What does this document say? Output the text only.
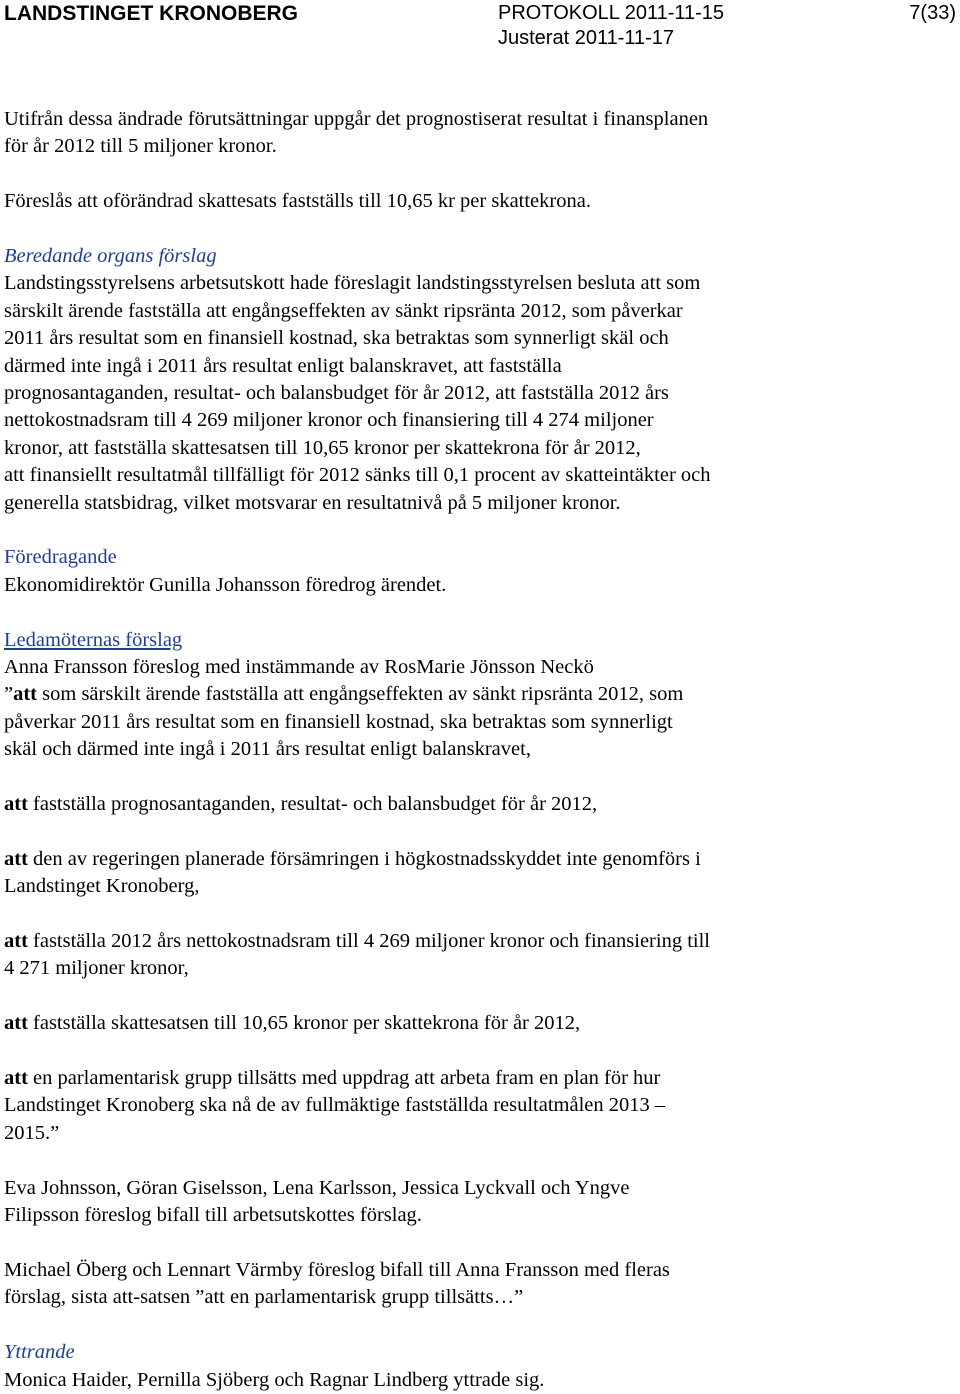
LANDSTINGET KRONOBERG	PROTOKOLL 2011-11-15	7(33)
Justerat 2011-11-17
Utifrån dessa ändrade förutsättningar uppgår det prognostiserat resultat i finansplanen
för år 2012 till 5 miljoner kronor.
Föreslås att oförändrad skattesats fastställs till 10,65 kr per skattekrona.
Beredande organs förslag
Landstingsstyrelsens arbetsutskott hade föreslagit landstingsstyrelsen besluta att som
särskilt ärende fastställa att engångseffekten av sänkt ripsränta 2012, som påverkar
2011 års resultat som en finansiell kostnad, ska betraktas som synnerligt skäl och
därmed inte ingå i 2011 års resultat enligt balanskravet, att fastställa
prognosantaganden, resultat- och balansbudget för år 2012, att fastställa 2012 års
nettokostnadsram till 4 269 miljoner kronor och finansiering till 4 274 miljoner
kronor, att fastställa skattesatsen till 10,65 kronor per skattekrona för år 2012,
att finansiellt resultatmål tillfälligt för 2012 sänks till 0,1 procent av skatteintäkter och
generella statsbidrag, vilket motsvarar en resultatnivå på 5 miljoner kronor.
Föredragande
Ekonomidirektör Gunilla Johansson föredrog ärendet.
Ledamöternas förslag
Anna Fransson föreslog med instämmande av RosMarie Jönsson Neckö
”att som särskilt ärende fastställa att engångseffekten av sänkt ripsränta 2012, som
påverkar 2011 års resultat som en finansiell kostnad, ska betraktas som synnerligt
skäl och därmed inte ingå i 2011 års resultat enligt balanskravet,
att fastställa prognosantaganden, resultat- och balansbudget för år 2012,
att den av regeringen planerade försämringen i högkostnadsskyddet inte genomförs i
Landstinget Kronoberg,
att fastställa 2012 års nettokostnadsram till 4 269 miljoner kronor och finansiering till
4 271 miljoner kronor,
att fastställa skattesatsen till 10,65 kronor per skattekrona för år 2012,
att en parlamentarisk grupp tillsätts med uppdrag att arbeta fram en plan för hur
Landstinget Kronoberg ska nå de av fullmäktige fastställda resultatmålen 2013 –
2015.”
Eva Johnsson, Göran Giselsson, Lena Karlsson, Jessica Lyckvall och Yngve
Filipsson föreslog bifall till arbetsutskottes förslag.
Michael Öberg och Lennart Värmby föreslog bifall till Anna Fransson med fleras
förslag, sista att-satsen ”att en parlamentarisk grupp tillsätts…”
Yttrande
Monica Haider, Pernilla Sjöberg och Ragnar Lindberg yttrade sig.
